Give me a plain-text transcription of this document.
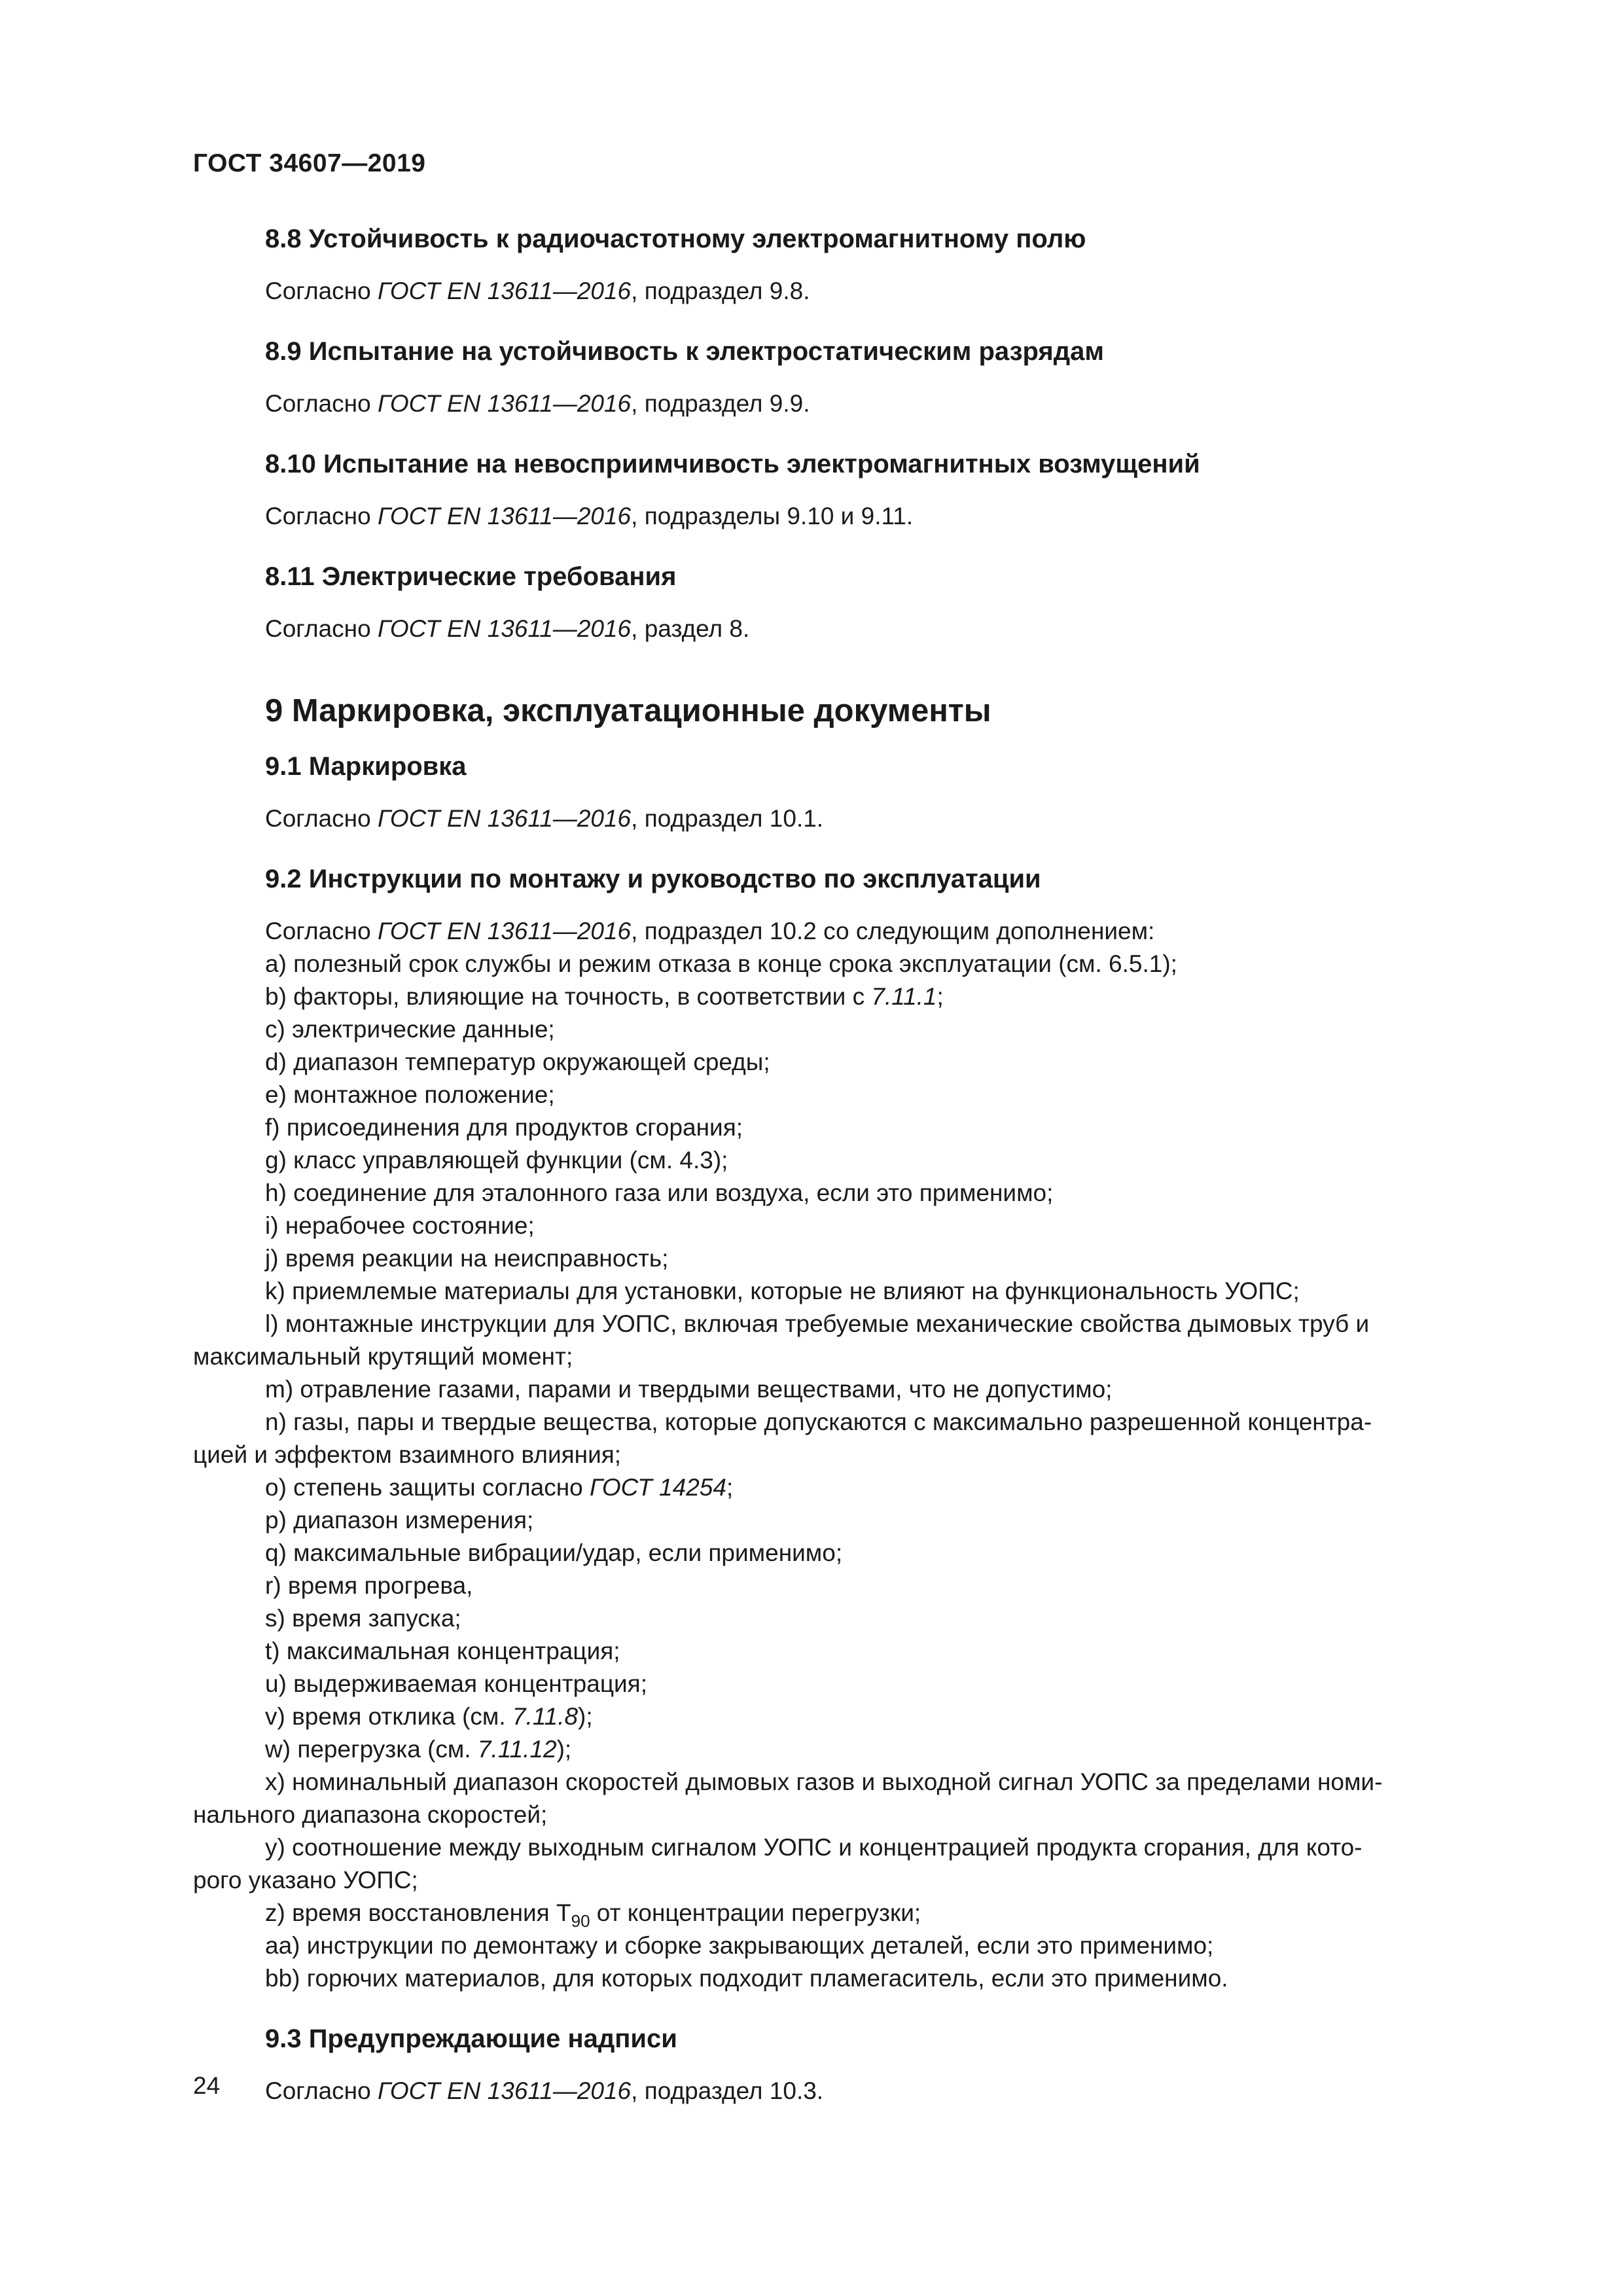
ГОСТ 34607—2019
8.8 Устойчивость к радиочастотному электромагнитному полю
Согласно ГОСТ EN 13611—2016, подраздел 9.8.
8.9 Испытание на устойчивость к электростатическим разрядам
Согласно ГОСТ EN 13611—2016, подраздел 9.9.
8.10 Испытание на невосприимчивость электромагнитных возмущений
Согласно ГОСТ EN 13611—2016, подразделы 9.10 и 9.11.
8.11 Электрические требования
Согласно ГОСТ EN 13611—2016, раздел 8.
9 Маркировка, эксплуатационные документы
9.1 Маркировка
Согласно ГОСТ EN 13611—2016, подраздел 10.1.
9.2 Инструкции по монтажу и руководство по эксплуатации
Согласно ГОСТ EN 13611—2016, подраздел 10.2 со следующим дополнением:
a) полезный срок службы и режим отказа в конце срока эксплуатации (см. 6.5.1);
b) факторы, влияющие на точность, в соответствии с 7.11.1;
c) электрические данные;
d) диапазон температур окружающей среды;
e) монтажное положение;
f) присоединения для продуктов сгорания;
g) класс управляющей функции (см. 4.3);
h) соединение для эталонного газа или воздуха, если это применимо;
i) нерабочее состояние;
j) время реакции на неисправность;
k) приемлемые материалы для установки, которые не влияют на функциональность УОПС;
l) монтажные инструкции для УОПС, включая требуемые механические свойства дымовых труб и
максимальный крутящий момент;
m) отравление газами, парами и твердыми веществами, что не допустимо;
n) газы, пары и твердые вещества, которые допускаются с максимально разрешенной концентра-
цией и эффектом взаимного влияния;
o) степень защиты согласно ГОСТ 14254;
p) диапазон измерения;
q) максимальные вибрации/удар, если применимо;
r) время прогрева,
s) время запуска;
t) максимальная концентрация;
u) выдерживаемая концентрация;
v) время отклика (см. 7.11.8);
w) перегрузка (см. 7.11.12);
x) номинальный диапазон скоростей дымовых газов и выходной сигнал УОПС за пределами номи-
нального диапазона скоростей;
y) соотношение между выходным сигналом УОПС и концентрацией продукта сгорания, для кото-
рого указано УОПС;
z) время восстановления $T_{90}$ от концентрации перегрузки;
aa) инструкции по демонтажу и сборке закрывающих деталей, если это применимо;
bb) горючих материалов, для которых подходит пламегаситель, если это применимо.
9.3 Предупреждающие надписи
Согласно ГОСТ EN 13611—2016, подраздел 10.3.
24
